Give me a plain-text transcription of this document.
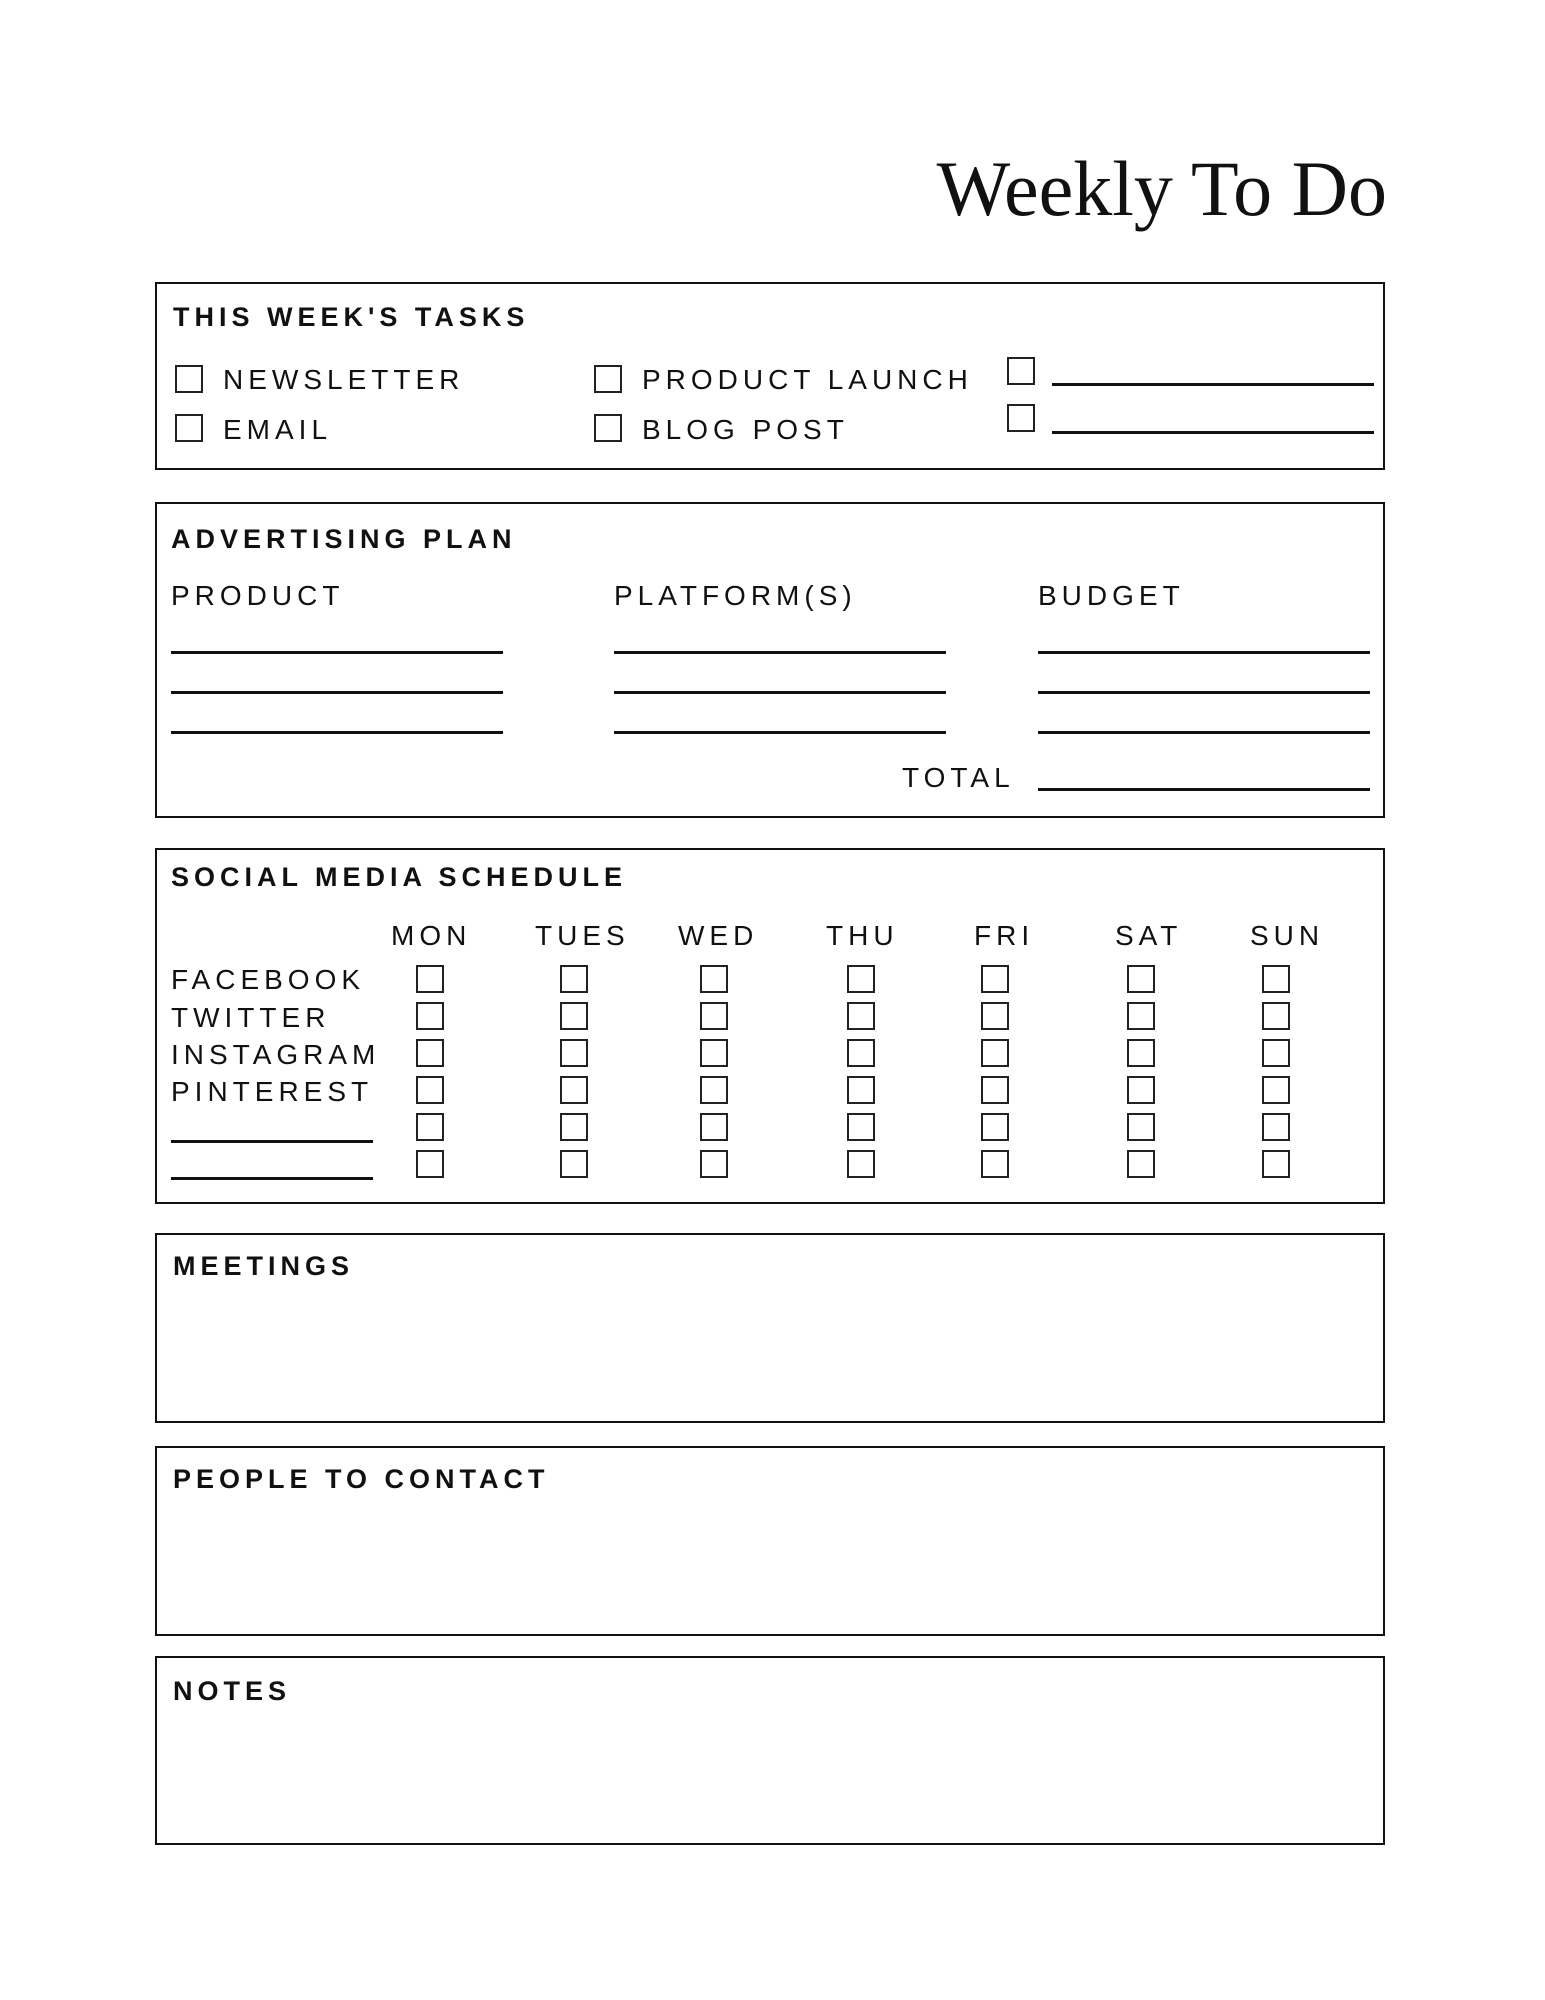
Weekly To Do
THIS WEEK'S TASKS
NEWSLETTER
EMAIL
PRODUCT LAUNCH
BLOG POST
ADVERTISING PLAN
PRODUCT	PLATFORM(S)	BUDGET
TOTAL
SOCIAL MEDIA SCHEDULE
MON TUES WED THU	FRI	SAT SUN
FACEBOOK
TWITTER
INSTAGRAM
PINTEREST
MEETINGS
PEOPLE TO CONTACT
NOTES
